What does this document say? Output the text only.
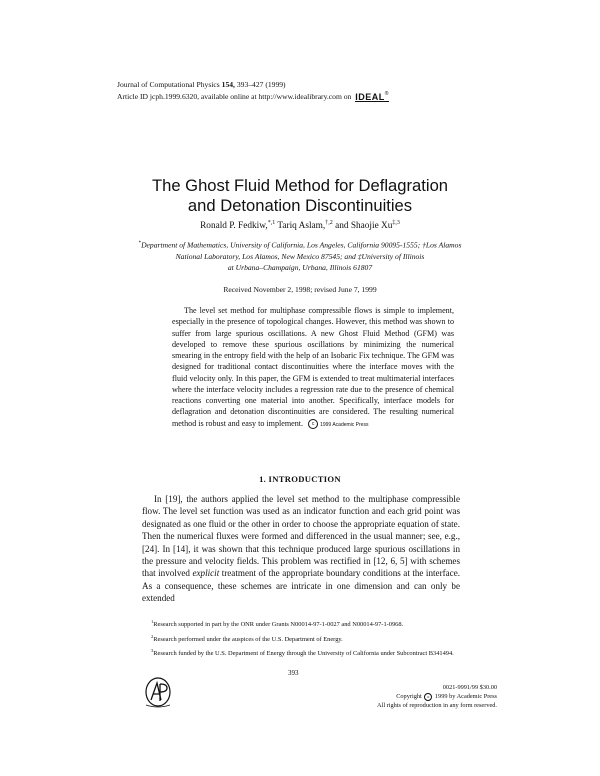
Journal of Computational Physics 154, 393–427 (1999)
Article ID jcph.1999.6320, available online at http://www.idealibrary.com on IDEAL®
The Ghost Fluid Method for Deflagration
and Detonation Discontinuities
Ronald P. Fedkiw,$^{*,1}$ Tariq Aslam,$^{\dagger,2}$ and Shaojie $Xu^{\ddagger,3}$
*Department of Mathematics, University of California, Los Angeles, California 90095-1555; †Los Alamos
National Laboratory, Los Alamos, New Mexico 87545; and ‡University of Illinois
at Urbana–Champaign, Urbana, Illinois 61807
Received November 2, 1998; revised June 7, 1999
The level set method for multiphase compressible flows is simple to implement, especially in the presence of topological changes. However, this method was shown to suffer from large spurious oscillations. A new Ghost Fluid Method (GFM) was developed to remove these spurious oscillations by minimizing the numerical smearing in the entropy field with the help of an Isobaric Fix technique. The GFM was designed for traditional contact discontinuities where the interface moves with the fluid velocity only. In this paper, the GFM is extended to treat multimaterial interfaces where the interface velocity includes a regression rate due to the presence of chemical reactions converting one material into another. Specifically, interface models for deflagration and detonation discontinuities are considered. The resulting numerical method is robust and easy to implement. c 1999 Academic Press
1. INTRODUCTION

In [19], the authors applied the level set method to the multiphase compressible flow. The level set function was used as an indicator function and each grid point was designated as one fluid or the other in order to choose the appropriate equation of state. Then the numerical fluxes were formed and differenced in the usual manner; see, e.g., [24]. In [14], it was shown that this technique produced large spurious oscillations in the pressure and velocity fields. This problem was rectified in [12, 6, 5] with schemes that involved explicit treatment of the appropriate boundary conditions at the interface. As a consequence, these schemes are intricate in one dimension and can only be extended

$^1$Research supported in part by the ONR under Grants N00014-97-1-0027 and N00014-97-1-0968.
$^2$Research performed under the auspices of the U.S. Department of Energy.
$^3$Research funded by the U.S. Department of Energy through the University of California under Subcontract B341494.
393
0021-9991/99 $30.00
Copyright c 1999 by Academic Press
All rights of reproduction in any form reserved.
